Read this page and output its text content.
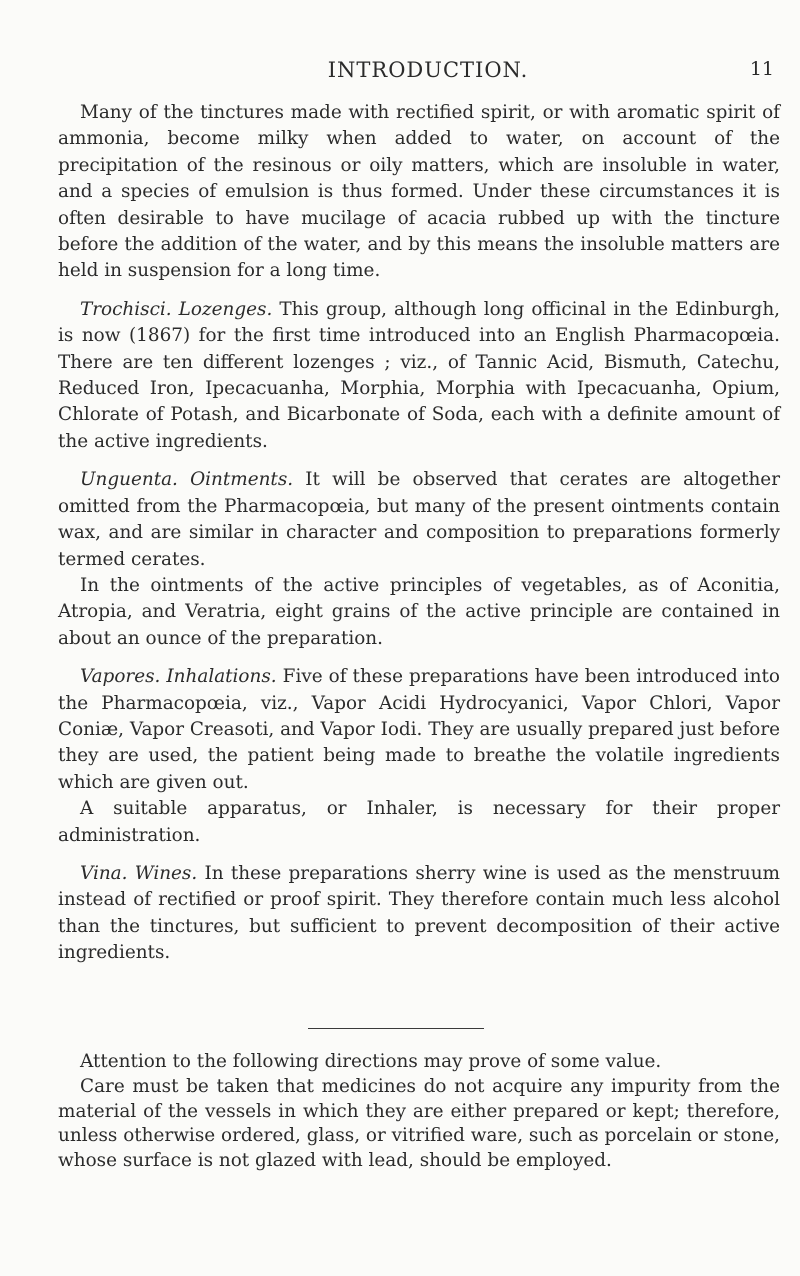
INTRODUCTION.	11

Many of the tinctures made with rectified spirit, or with aromatic spirit of ammonia, become milky when added to water, on account of the precipitation of the resinous or oily matters, which are insoluble in water, and a species of emulsion is thus formed. Under these circumstances it is often desirable to have mucilage of acacia rubbed up with the tincture before the addition of the water, and by this means the insoluble matters are held in suspension for a long time.

Trochisci. Lozenges. This group, although long officinal in the Edinburgh, is now (1867) for the first time introduced into an English Pharmacopœia. There are ten different lozenges ; viz., of Tannic Acid, Bismuth, Catechu, Reduced Iron, Ipecacuanha, Morphia, Morphia with Ipecacuanha, Opium, Chlorate of Potash, and Bicarbonate of Soda, each with a definite amount of the active ingredients.

Unguenta. Ointments. It will be observed that cerates are altogether omitted from the Pharmacopœia, but many of the present ointments contain wax, and are similar in character and composition to preparations formerly termed cerates.

In the ointments of the active principles of vegetables, as of Aconitia, Atropia, and Veratria, eight grains of the active principle are contained in about an ounce of the preparation.

Vapores. Inhalations. Five of these preparations have been introduced into the Pharmacopœia, viz., Vapor Acidi Hydrocyanici, Vapor Chlori, Vapor Coniæ, Vapor Creasoti, and Vapor Iodi. They are usually prepared just before they are used, the patient being made to breathe the volatile ingredients which are given out.

A suitable apparatus, or Inhaler, is necessary for their proper administration.

Vina. Wines. In these preparations sherry wine is used as the menstruum instead of rectified or proof spirit. They therefore contain much less alcohol than the tinctures, but sufficient to prevent decomposition of their active ingredients.

Attention to the following directions may prove of some value.

Care must be taken that medicines do not acquire any impurity from the material of the vessels in which they are either prepared or kept; therefore, unless otherwise ordered, glass, or vitrified ware, such as porcelain or stone, whose surface is not glazed with lead, should be employed.
